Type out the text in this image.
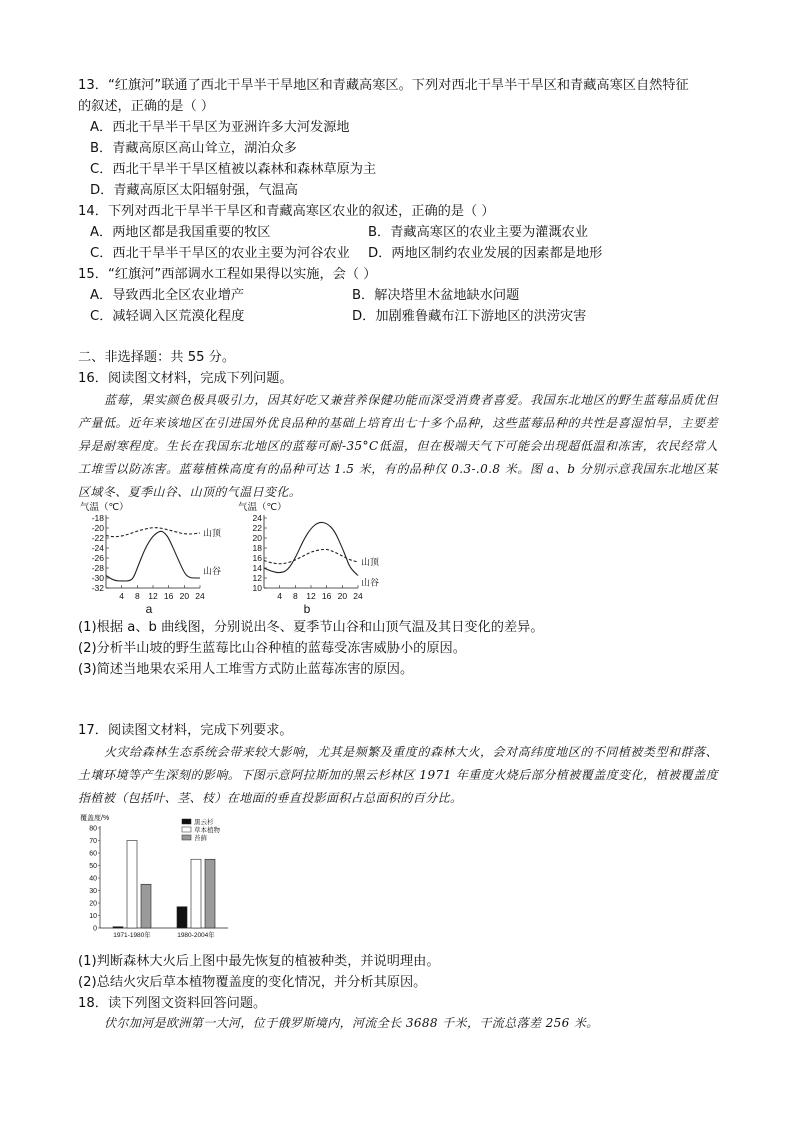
13．“红旗河”联通了西北干旱半干旱地区和青藏高寒区。下列对西北干旱半干旱区和青藏高寒区自然特征
的叙述，正确的是（ ）
A．西北干旱半干旱区为亚洲许多大河发源地
B．青藏高原区高山耸立，湖泊众多
C．西北干旱半干旱区植被以森林和森林草原为主
D．青藏高原区太阳辐射强，气温高
14．下列对西北干旱半干旱区和青藏高寒区农业的叙述，正确的是（ ）
A．两地区都是我国重要的牧区	B．青藏高寒区的农业主要为灌溉农业
C．西北干旱半干旱区的农业主要为河谷农业 D．两地区制约农业发展的因素都是地形
15．“红旗河”西部调水工程如果得以实施，会（ ）
A．导致西北全区农业增产	B．解决塔里木盆地缺水问题
C．减轻调入区荒漠化程度	D．加剧雅鲁藏布江下游地区的洪涝灾害
二、非选择题：共 55 分。
16．阅读图文材料，完成下列问题。

蓝莓，果实颜色极具吸引力，因其好吃又兼营养保健功能而深受消费者喜爱。我国东北地区的野生蓝莓品质优但产量低。近年来该地区在引进国外优良品种的基础上培育出七十多个品种，这些蓝莓品种的共性是喜湿怕旱，主要差异是耐寒程度。生长在我国东北地区的蓝莓可耐-35°C低温，但在极端天气下可能会出现超低温和冻害，农民经常人工堆雪以防冻害。蓝莓植株高度有的品种可达 1.5 米，有的品种仅 0.3-.0.8 米。图 a、b 分别示意我国东北地区某区域冬、夏季山谷、山顶的气温日变化。

气温（℃）
-18
-20
-22
-24
-26
-28
-30
-32
4 8 12 16 20 24
山顶
山谷
a
气温（℃）
24
22
20
18
16
14
12
10
4 8 12 16 20 24
山顶
山谷
b
(1)根据 a、b 曲线图，分别说出冬、夏季节山谷和山顶气温及其日变化的差异。
(2)分析半山坡的野生蓝莓比山谷种植的蓝莓受冻害威胁小的原因。
(3)简述当地果农采用人工堆雪方式防止蓝莓冻害的原因。
17．阅读图文材料，完成下列要求。

火灾给森林生态系统会带来较大影响，尤其是频繁及重度的森林大火，会对高纬度地区的不同植被类型和群落、土壤环境等产生深刻的影响。下图示意阿拉斯加的黑云杉林区 1971 年重度火烧后部分植被覆盖度变化，植被覆盖度指植被（包括叶、茎、枝）在地面的垂直投影面积占总面积的百分比。

覆盖度/%
0
10
20
30
40
50
60
70
80
1971-1980年	1980-2004年
黑云杉
草本植物
苔藓
(1)判断森林大火后上图中最先恢复的植被种类，并说明理由。
(2)总结火灾后草本植物覆盖度的变化情况，并分析其原因。
18．读下列图文资料回答问题。

伏尔加河是欧洲第一大河，位于俄罗斯境内，河流全长 3688 千米，干流总落差 256 米。
